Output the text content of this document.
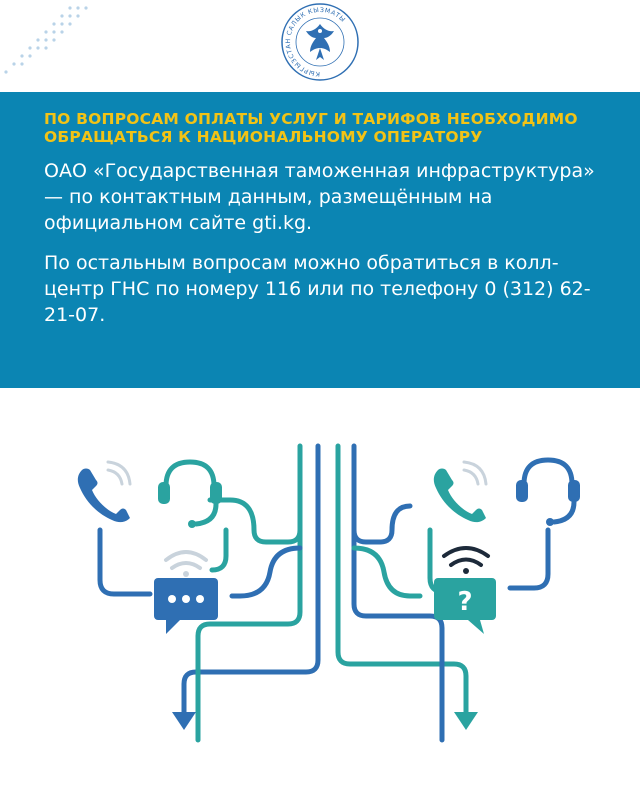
КЫРГЫЗСТАН САЛЫК КЫЗМАТЫ

ПО ВОПРОСАМ ОПЛАТЫ УСЛУГ И ТАРИФОВ НЕОБХОДИМО ОБРАЩАТЬСЯ К НАЦИОНАЛЬНОМУ ОПЕРАТОРУ

ОАО «Государственная таможенная инфраструктура» — по контактным данным, размещённым на официальном сайте gti.kg.

По остальным вопросам можно обратиться в колл-центр ГНС по номеру 116 или по телефону 0 (312) 62-21-07.

?
